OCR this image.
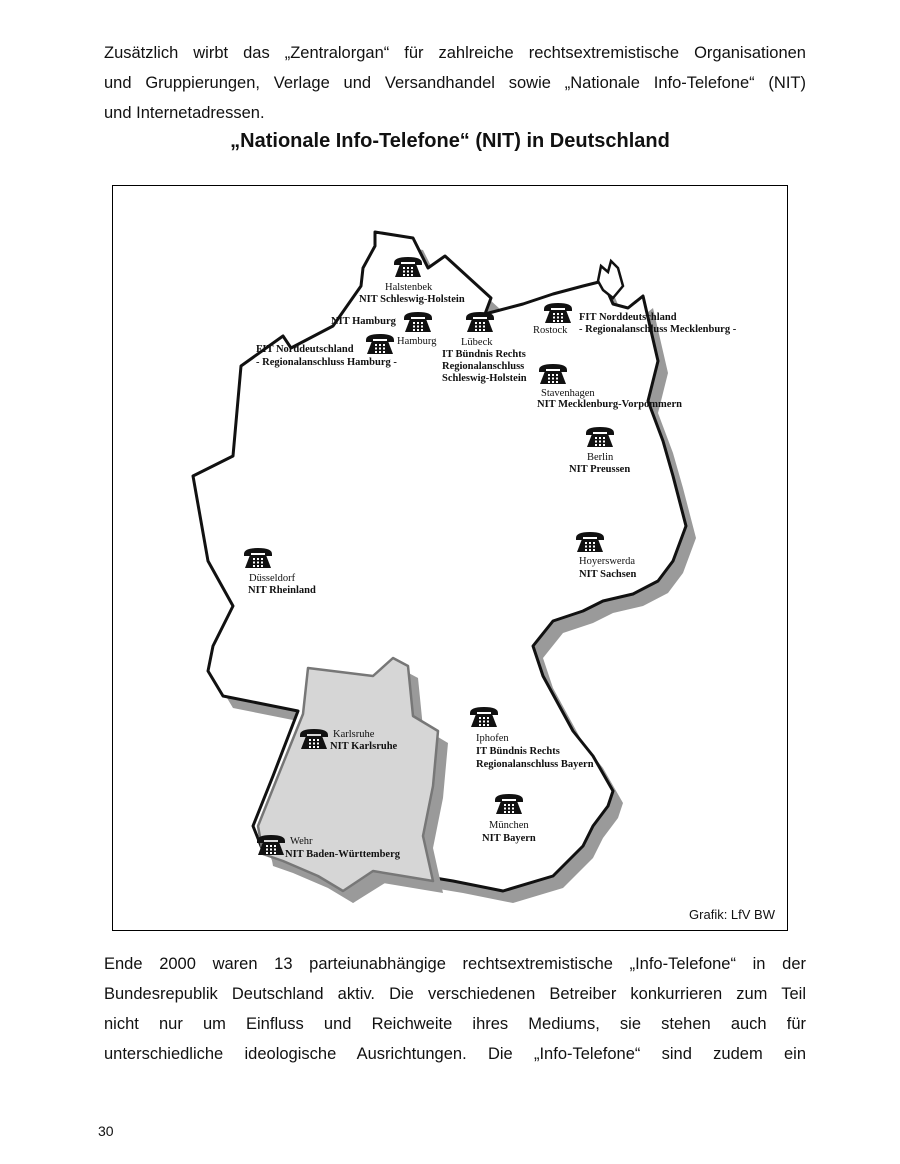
Zusätzlich wirbt das „Zentralorgan“ für zahlreiche rechtsextremistische Organisationen
und Gruppierungen, Verlage und Versandhandel sowie „Nationale Info-Telefone“ (NIT)
und Internetadressen.
„Nationale Info-Telefone“ (NIT) in Deutschland
Halstenbek
NIT Schleswig-Holstein
NIT Hamburg
Hamburg
FIT Norddeutschland
- Regionalanschluss Hamburg -
Lübeck
IT Bündnis Rechts
Regionalanschluss
Schleswig-Holstein
Rostock
FIT Norddeutschland
- Regionalanschluss Mecklenburg -
Stavenhagen
NIT Mecklenburg-Vorpommern
Berlin
NIT Preussen
Hoyerswerda
NIT Sachsen
Düsseldorf
NIT Rheinland
Iphofen
IT Bündnis Rechts
Regionalanschluss Bayern
Karlsruhe
NIT Karlsruhe
München
NIT Bayern
Wehr
NIT Baden-Württemberg
Grafik: LfV BW
Ende 2000 waren 13 parteiunabhängige rechtsextremistische „Info-Telefone“ in der
Bundesrepublik Deutschland aktiv. Die verschiedenen Betreiber konkurrieren zum Teil
nicht nur um Einfluss und Reichweite ihres Mediums, sie stehen auch für
unterschiedliche ideologische Ausrichtungen. Die „Info-Telefone“ sind zudem ein
30
